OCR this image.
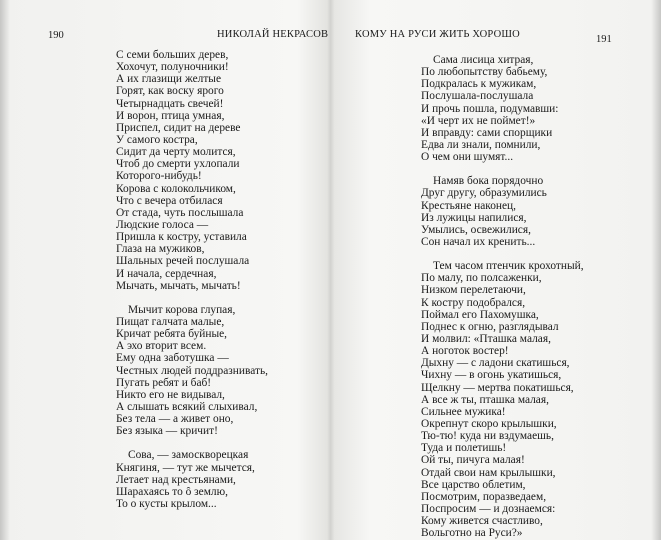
190	НИКОЛАЙ НЕКРАСОВ	КОМУ НА РУСИ ЖИТЬ ХОРОШО	191
С семи больших дерев,
Хохочут, полуночники!
А их глазищи желтые
Горят, как воску ярого
Четырнадцать свечей!
И ворон, птица умная,
Приспел, сидит на дереве
У самого костра,
Сидит да черту молится,
Чтоб до смерти ухлопали
Которого-нибудь!
Корова с колокольчиком,
Что с вечера отбилася
От стада, чуть послышала
Людские голоса —
Пришла к костру, уставила
Глаза на мужиков,
Шальных речей послушала
И начала, сердечная,
Мычать, мычать, мычать!
Мычит корова глупая,
Пищат галчата малые,
Кричат ребята буйные,
А эхо вторит всем.
Ему одна заботушка —
Честных людей поддразнивать,
Пугать ребят и баб!
Никто его не видывал,
А слышать всякий слыхивал,
Без тела — а живет оно,
Без языка — кричит!
Сова, — замоскворецкая
Княгиня, — тут же мычется,
Летает над крестьянами,
Шарахаясь то ô землю,
То о кусты крылом...
Сама лисица хитрая,
По любопытству бабьему,
Подкралась к мужикам,
Послушала-послушала
И прочь пошла, подумавши:
«И черт их не поймет!»
И вправду: сами спорщики
Едва ли знали, помнили,
О чем они шумят...
Намяв бока порядочно
Друг другу, образумились
Крестьяне наконец,
Из лужицы напилися,
Умылись, освежилися,
Сон начал их кренить...
Тем часом птенчик крохотный,
По малу, по полсаженки,
Низком перелетаючи,
К костру подобрался,
Поймал его Пахомушка,
Поднес к огню, разглядывал
И молвил: «Пташка малая,
А ноготок востер!
Дыхну — с ладони скатишься,
Чихну — в огонь укатишься,
Щелкну — мертва покатишься,
А все ж ты, пташка малая,
Сильнее мужика!
Окрепнут скоро крылышки,
Тю-тю! куда ни вздумаешь,
Туда и полетишь!
Ой ты, пичуга малая!
Отдай свои нам крылышки,
Все царство облетим,
Посмотрим, поразведаем,
Поспросим — и дознаемся:
Кому живется счастливо,
Вольготно на Руси?»
